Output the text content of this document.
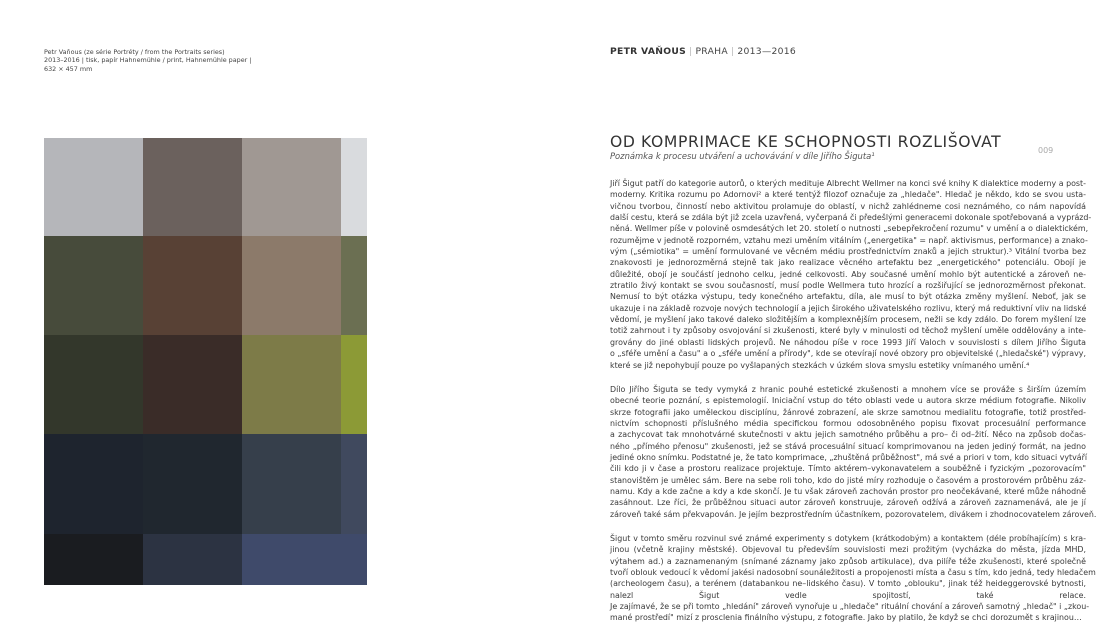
Petr Vaňous (ze série Portréty / from the Portraits series)
2013–2016 | tisk, papír Hahnemühle / print, Hahnemühle paper |
632 × 457 mm
PETR VAŇOUS | PRAHA | 2013—2016
OD KOMPRIMACE KE SCHOPNOSTI ROZLIŠOVAT
Poznámka k procesu utváření a uchovávání v díle Jiřího Šiguta¹
009
Jiří Šigut patří do kategorie autorů, o kterých medituje Albrecht Wellmer na konci své knihy K dialektice moderny a post-
moderny. Kritika rozumu po Adornovi² a které tentýž filozof označuje za „hledače". Hledač je někdo, kdo se svou usta-
vičnou tvorbou, činností nebo aktivitou prolamuje do oblastí, v nichž zahlédneme cosi neznámého, co nám napovídá
další cestu, která se zdála být již zcela uzavřená, vyčerpaná či předešlými generacemi dokonale spotřebovaná a vyprázd-
něná. Wellmer píše v polovině osmdesátých let 20. století o nutnosti „sebepřekročení rozumu" v umění a o dialektickém,
rozumějme v jednotě rozporném, vztahu mezi uměním vitálním („energetika" = např. aktivismus, performance) a znako-
vým („sémiotika" = umění formulované ve věcném médiu prostřednictvím znaků a jejich struktur).³ Vitální tvorba bez
znakovosti je jednorozměrná stejně tak jako realizace věcného artefaktu bez „energetického" potenciálu. Obojí je
důležité, obojí je součástí jednoho celku, jedné celkovosti. Aby současné umění mohlo být autentické a zároveň ne-
ztratilo živý kontakt se svou současností, musí podle Wellmera tuto hrozící a rozšiřující se jednorozměrnost překonat.
Nemusí to být otázka výstupu, tedy konečného artefaktu, díla, ale musí to být otázka změny myšlení. Neboť, jak se
ukazuje i na základě rozvoje nových technologií a jejich širokého uživatelského rozlivu, který má reduktivní vliv na lidské
vědomí, je myšlení jako takové daleko složitějším a komplexnějším procesem, nežli se kdy zdálo. Do forem myšlení lze
totiž zahrnout i ty způsoby osvojování si zkušenosti, které byly v minulosti od těchož myšlení uměle oddělovány a inte-
grovány do jiné oblasti lidských projevů. Ne náhodou píše v roce 1993 Jiří Valoch v souvislosti s dílem Jiřího Šiguta
o „sféře umění a času" a o „sféře umění a přírody", kde se otevírají nové obzory pro objevitelské („hledačské") výpravy,
které se již nepohybují pouze po vyšlapaných stezkách v úzkém slova smyslu estetiky vnímaného umění.⁴
Dílo Jiřího Šiguta se tedy vymyká z hranic pouhé estetické zkušenosti a mnohem více se prováže s širším územím
obecné teorie poznání, s epistemologií. Iniciační vstup do této oblasti vede u autora skrze médium fotografie. Nikoliv
skrze fotografii jako uměleckou disciplínu, žánrové zobrazení, ale skrze samotnou medialitu fotografie, totiž prostřed-
nictvím schopnosti příslušného média specifickou formou odosobněného popisu fixovat procesuální performance
a zachycovat tak mnohotvárné skutečnosti v aktu jejich samotného průběhu a pro– či od–žití. Něco na způsob dočas-
ného „přímého přenosu" zkušenosti, jež se stává procesuální situací komprimovanou na jeden jediný formát, na jedno
jediné okno snímku. Podstatné je, že tato komprimace, „zhuštěná průběžnost", má své a priori v tom, kdo situaci vytváří
čili kdo ji v čase a prostoru realizace projektuje. Tímto aktérem–vykonavatelem a souběžně i fyzickým „pozorovacím"
stanovištěm je umělec sám. Bere na sebe roli toho, kdo do jisté míry rozhoduje o časovém a prostorovém průběhu záz-
namu. Kdy a kde začne a kdy a kde skončí. Je tu však zároveň zachován prostor pro neočekávané, které může náhodně
zasáhnout. Lze říci, že průběžnou situaci autor zároveň konstruuje, zároveň odžívá a zároveň zaznamenává, ale je jí
zároveň také sám překvapován. Je jejím bezprostředním účastníkem, pozorovatelem, divákem i zhodnocovatelem zároveň.
Šigut v tomto směru rozvinul své známé experimenty s dotykem (krátkodobým) a kontaktem (déle probíhajícím) s kra-
jinou (včetně krajiny městské). Objevoval tu především souvislosti mezi prožitým (vycházka do města, jízda MHD,
výtahem ad.) a zaznamenaným (snímané záznamy jako způsob artikulace), dva pilíře téže zkušenosti, které společně
tvoří oblouk vedoucí k vědomí jakési nadosobní sounáležitosti a propojenosti místa a času s tím, kdo jedná, tedy hledačem
(archeologem času), a terénem (databankou ne–lidského času). V tomto „oblouku", jinak též heideggerovské bytnosti,
nalezl Šigut vedle spojitostí, také relace.
Je zajímavé, že se při tomto „hledání" zároveň vynořuje u „hledače" rituální chování a zároveň samotný „hledač" i „zkou-
mané prostředí" mizí z prosclenia finálního výstupu, z fotografie. Jako by platilo, že když se chci dorozumět s krajinou…
